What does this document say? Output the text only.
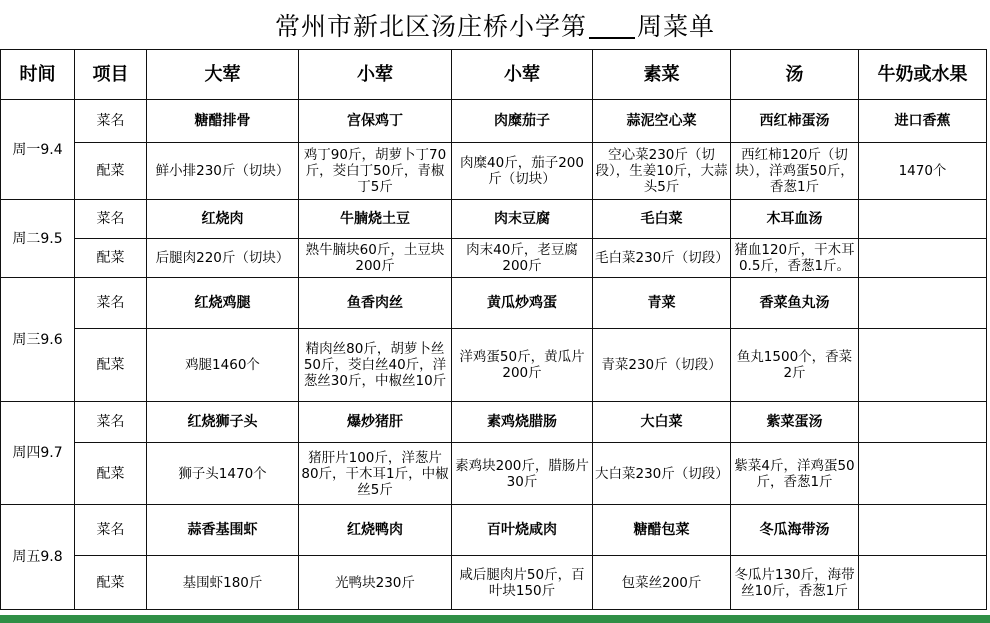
常州市新北区汤庄桥小学第 周菜单
时间	项目	大荤	小荤	小荤	素菜	汤	牛奶或水果
周一9.4	菜名	糖醋排骨	宫保鸡丁	肉糜茄子	蒜泥空心菜	西红柿蛋汤	进口香蕉
	配菜	鲜小排230斤（切块）	鸡丁90斤，胡萝卜丁70斤，茭白丁50斤，青椒丁5斤	肉糜40斤，茄子200斤（切块）	空心菜230斤（切段），生姜10斤，大蒜头5斤	西红柿120斤（切块），洋鸡蛋50斤，香葱1斤	1470个
周二9.5	菜名	红烧肉	牛腩烧土豆	肉末豆腐	毛白菜	木耳血汤	
	配菜	后腿肉220斤（切块）	熟牛腩块60斤，土豆块200斤	肉末40斤，老豆腐200斤	毛白菜230斤（切段）	猪血120斤，干木耳0.5斤，香葱1斤。	
周三9.6	菜名	红烧鸡腿	鱼香肉丝	黄瓜炒鸡蛋	青菜	香菜鱼丸汤	
	配菜	鸡腿1460个	精肉丝80斤，胡萝卜丝50斤，茭白丝40斤，洋葱丝30斤，中椒丝10斤	洋鸡蛋50斤，黄瓜片200斤	青菜230斤（切段）	鱼丸1500个，香菜2斤	
周四9.7	菜名	红烧狮子头	爆炒猪肝	素鸡烧腊肠	大白菜	紫菜蛋汤	
	配菜	狮子头1470个	猪肝片100斤，洋葱片80斤，干木耳1斤，中椒丝5斤	素鸡块200斤，腊肠片30斤	大白菜230斤（切段）	紫菜4斤，洋鸡蛋50斤，香葱1斤	
周五9.8	菜名	蒜香基围虾	红烧鸭肉	百叶烧咸肉	糖醋包菜	冬瓜海带汤	
	配菜	基围虾180斤	光鸭块230斤	咸后腿肉片50斤，百叶块150斤	包菜丝200斤	冬瓜片130斤，海带丝10斤，香葱1斤	
